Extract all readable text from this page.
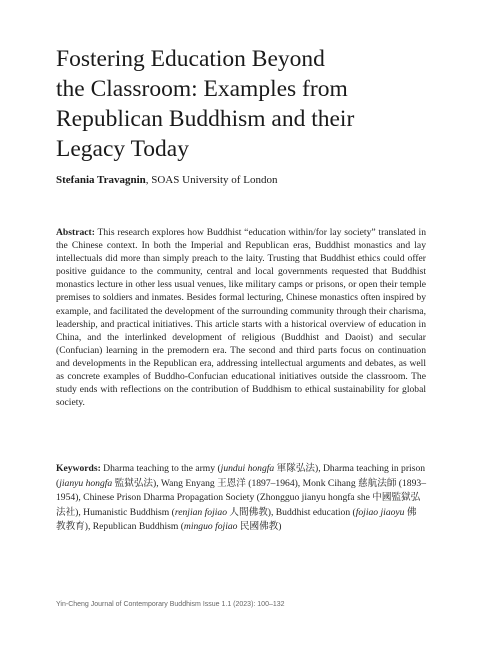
Fostering Education Beyond
the Classroom: Examples from
Republican Buddhism and their
Legacy Today
Stefania Travagnin, SOAS University of London

Abstract: This research explores how Buddhist “education within/for lay society” translated in the Chinese context. In both the Imperial and Republican eras, Buddhist monastics and lay intellectuals did more than simply preach to the laity. Trusting that Buddhist ethics could offer positive guidance to the community, central and local governments requested that Buddhist monastics lecture in other less usual venues, like military camps or prisons, or open their temple premises to soldiers and inmates. Besides formal lecturing, Chinese monastics often inspired by example, and facilitated the development of the surrounding community through their charisma, leadership, and practical initiatives. This article starts with a historical overview of education in China, and the interlinked development of religious (Buddhist and Daoist) and secular (Confucian) learning in the premodern era. The second and third parts focus on continuation and developments in the Republican era, addressing intellectual arguments and debates, as well as concrete examples of Buddho-Confucian educational initiatives outside the classroom. The study ends with reflections on the contribution of Buddhism to ethical sustainability for global society.

Keywords: Dharma teaching to the army (jundui hongfa 軍隊弘法), Dharma teaching in prison (jianyu hongfa 監獄弘法), Wang Enyang 王恩洋 (1897–1964), Monk Cihang 慈航法師 (1893–1954), Chinese Prison Dharma Propagation Society (Zhongguo jianyu hongfa she 中國監獄弘法社), Humanistic Buddhism (renjian fojiao 人間佛教), Buddhist education (fojiao jiaoyu 佛教教育), Republican Buddhism (minguo fojiao 民國佛教)

Yin-Cheng Journal of Contemporary Buddhism Issue 1.1 (2023): 100–132
